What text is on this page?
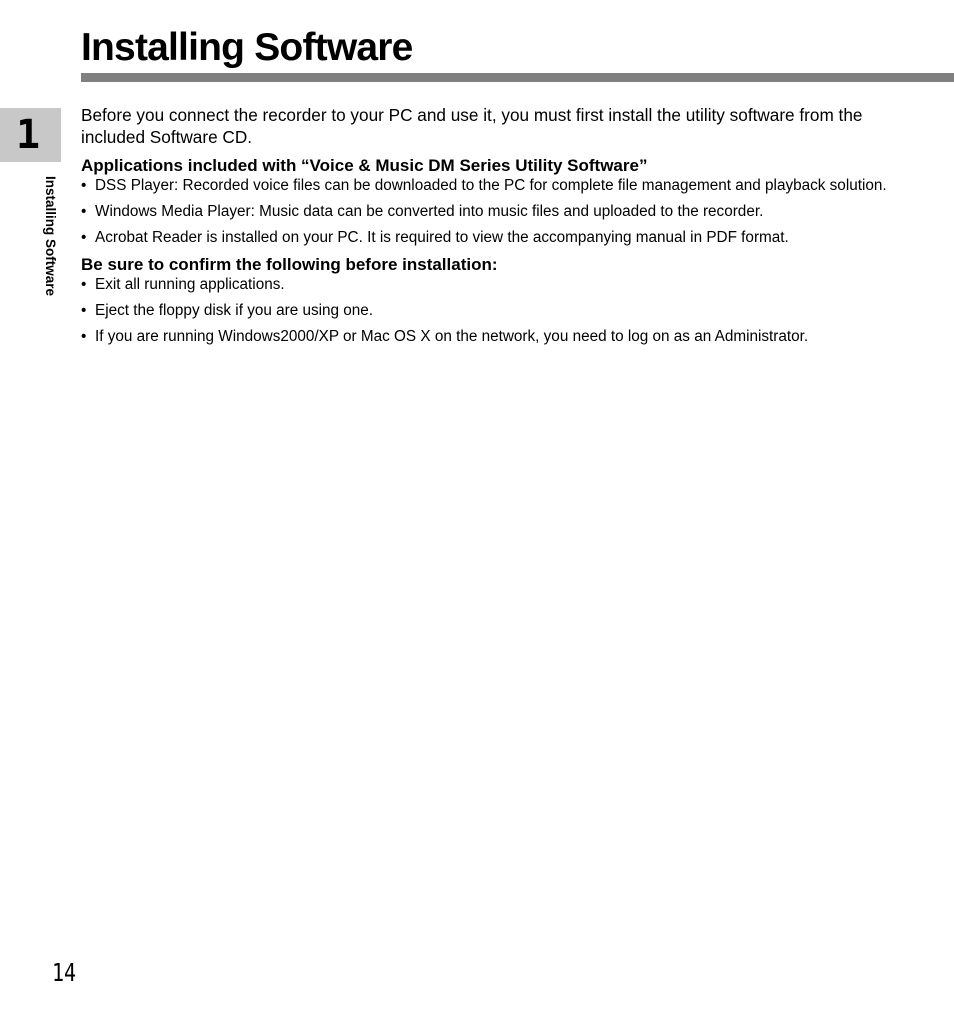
Installing Software
1
Installing Software

Before you connect the recorder to your PC and use it, you must first install the utility software from the included Software CD.

Applications included with “Voice & Music DM Series Utility Software”
• DSS Player: Recorded voice files can be downloaded to the PC for complete file management and playback solution.
• Windows Media Player: Music data can be converted into music files and uploaded to the recorder.
• Acrobat Reader is installed on your PC. It is required to view the accompanying manual in PDF format.
Be sure to confirm the following before installation:
• Exit all running applications.
• Eject the floppy disk if you are using one.
• If you are running Windows2000/XP or Mac OS X on the network, you need to log on as an Administrator.
14
